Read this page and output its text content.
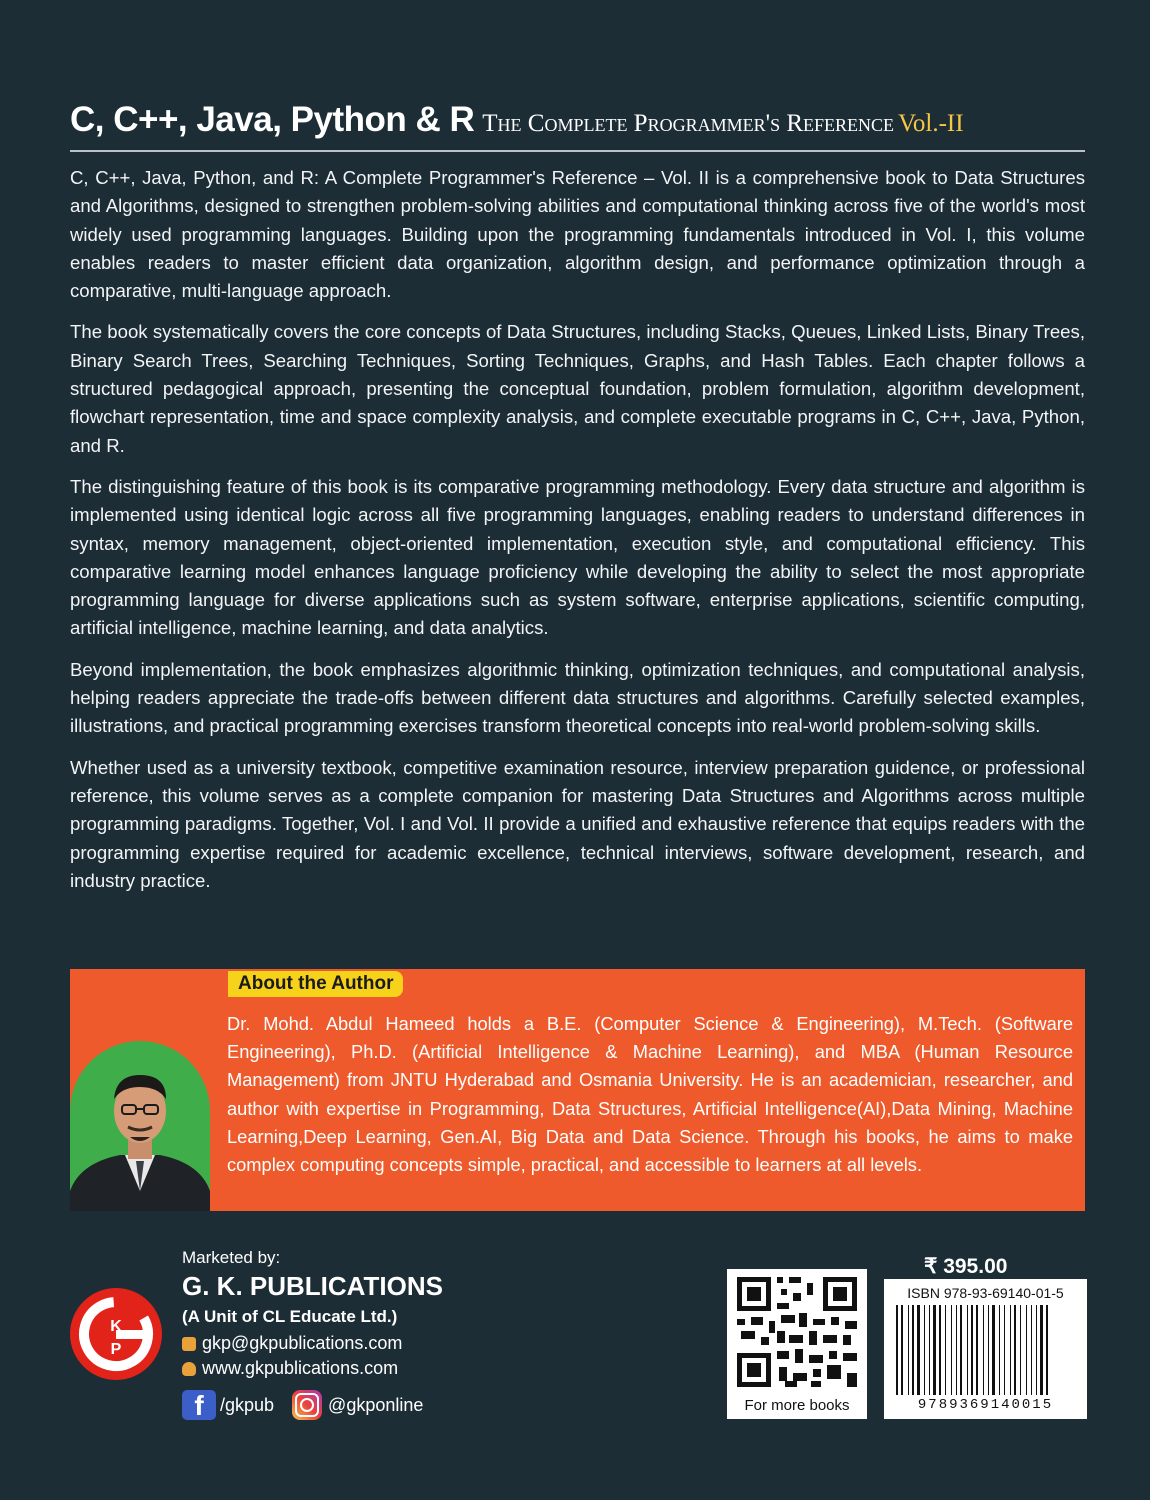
C, C++, Java, Python & R The Complete Programmer's Reference Vol.-II

C, C++, Java, Python, and R: A Complete Programmer's Reference – Vol. II is a comprehensive book to Data Structures and Algorithms, designed to strengthen problem-solving abilities and computational thinking across five of the world's most widely used programming languages. Building upon the programming fundamentals introduced in Vol. I, this volume enables readers to master efficient data organization, algorithm design, and performance optimization through a comparative, multi-language approach.

The book systematically covers the core concepts of Data Structures, including Stacks, Queues, Linked Lists, Binary Trees, Binary Search Trees, Searching Techniques, Sorting Techniques, Graphs, and Hash Tables. Each chapter follows a structured pedagogical approach, presenting the conceptual foundation, problem formulation, algorithm development, flowchart representation, time and space complexity analysis, and complete executable programs in C, C++, Java, Python, and R.

The distinguishing feature of this book is its comparative programming methodology. Every data structure and algorithm is implemented using identical logic across all five programming languages, enabling readers to understand differences in syntax, memory management, object-oriented implementation, execution style, and computational efficiency. This comparative learning model enhances language proficiency while developing the ability to select the most appropriate programming language for diverse applications such as system software, enterprise applications, scientific computing, artificial intelligence, machine learning, and data analytics.

Beyond implementation, the book emphasizes algorithmic thinking, optimization techniques, and computational analysis, helping readers appreciate the trade-offs between different data structures and algorithms. Carefully selected examples, illustrations, and practical programming exercises transform theoretical concepts into real-world problem-solving skills.

Whether used as a university textbook, competitive examination resource, interview preparation guidence, or professional reference, this volume serves as a complete companion for mastering Data Structures and Algorithms across multiple programming paradigms. Together, Vol. I and Vol. II provide a unified and exhaustive reference that equips readers with the programming expertise required for academic excellence, technical interviews, software development, research, and industry practice.

About the Author
Dr. Mohd. Abdul Hameed holds a B.E. (Computer Science & Engineering), M.Tech. (Software Engineering), Ph.D. (Artificial Intelligence & Machine Learning), and MBA (Human Resource Management) from JNTU Hyderabad and Osmania University. He is an academician, researcher, and author with expertise in Programming, Data Structures, Artificial Intelligence(AI),Data Mining, Machine Learning,Deep Learning, Gen.AI, Big Data and Data Science. Through his books, he aims to make complex computing concepts simple, practical, and accessible to learners at all levels.
K
P
Marketed by:
G. K. PUBLICATIONS
(A Unit of CL Educate Ltd.)
gkp@gkpublications.com
www.gkpublications.com
f /gkpub	@gkponline	For more books
₹ 395.00
ISBN 978-93-69140-01-5
9789369140015
